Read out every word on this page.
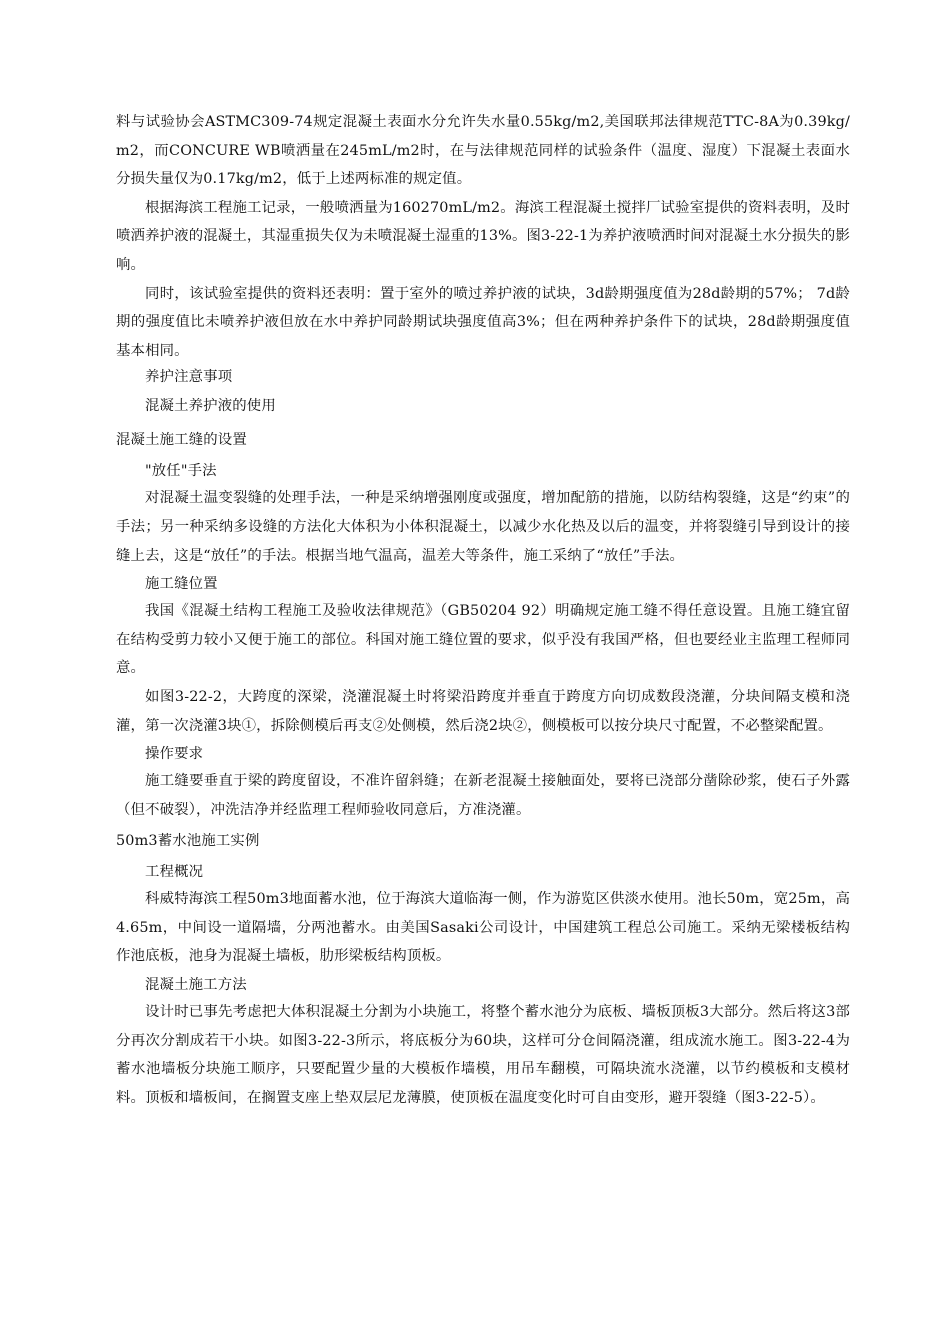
料与试验协会ASTMC309-74规定混凝土表面水分允许失水量0.55kg/m2,美国联邦法律规范TTC-8A为0.39kg/m2，而CONCURE WB喷洒量在245mL/m2时，在与法律规范同样的试验条件（温度、湿度）下混凝土表面水分损失量仅为0.17kg/m2，低于上述两标准的规定值。

根据海滨工程施工记录，一般喷洒量为160270mL/m2。海滨工程混凝土搅拌厂试验室提供的资料表明，及时喷洒养护液的混凝土，其湿重损失仅为未喷混凝土湿重的13%。图3-22-1为养护液喷洒时间对混凝土水分损失的影响。

同时，该试验室提供的资料还表明：置于室外的喷过养护液的试块，3d龄期强度值为28d龄期的57%； 7d龄期的强度值比未喷养护液但放在水中养护同龄期试块强度值高3%；但在两种养护条件下的试块，28d龄期强度值基本相同。

养护注意事项

混凝土养护液的使用

混凝土施工缝的设置

"放任"手法

对混凝土温变裂缝的处理手法，一种是采纳增强刚度或强度，增加配筋的措施，以防结构裂缝，这是“约束”的手法；另一种采纳多设缝的方法化大体积为小体积混凝土，以减少水化热及以后的温变，并将裂缝引导到设计的接缝上去，这是“放任”的手法。根据当地气温高，温差大等条件，施工采纳了“放任”手法。

施工缝位置

我国《混凝土结构工程施工及验收法律规范》（GB50204 92）明确规定施工缝不得任意设置。且施工缝宜留在结构受剪力较小又便于施工的部位。科国对施工缝位置的要求，似乎没有我国严格，但也要经业主监理工程师同意。

如图3-22-2，大跨度的深梁，浇灌混凝土时将梁沿跨度并垂直于跨度方向切成数段浇灌，分块间隔支模和浇灌，第一次浇灌3块①，拆除侧模后再支②处侧模，然后浇2块②，侧模板可以按分块尺寸配置，不必整梁配置。

操作要求

施工缝要垂直于梁的跨度留设，不准许留斜缝；在新老混凝土接触面处，要将已浇部分凿除砂浆，使石子外露（但不破裂），冲洗洁净并经监理工程师验收同意后，方准浇灌。

50m3蓄水池施工实例

工程概况

科威特海滨工程50m3地面蓄水池，位于海滨大道临海一侧，作为游览区供淡水使用。池长50m，宽25m，高4.65m，中间设一道隔墙，分两池蓄水。由美国Sasaki公司设计，中国建筑工程总公司施工。采纳无梁楼板结构作池底板，池身为混凝土墙板，肋形梁板结构顶板。

混凝土施工方法

设计时已事先考虑把大体积混凝土分割为小块施工，将整个蓄水池分为底板、墙板顶板3大部分。然后将这3部分再次分割成若干小块。如图3-22-3所示，将底板分为60块，这样可分仓间隔浇灌，组成流水施工。图3-22-4为蓄水池墙板分块施工顺序，只要配置少量的大模板作墙模，用吊车翻模，可隔块流水浇灌，以节约模板和支模材料。顶板和墙板间，在搁置支座上垫双层尼龙薄膜，使顶板在温度变化时可自由变形，避开裂缝（图3-22-5）。
